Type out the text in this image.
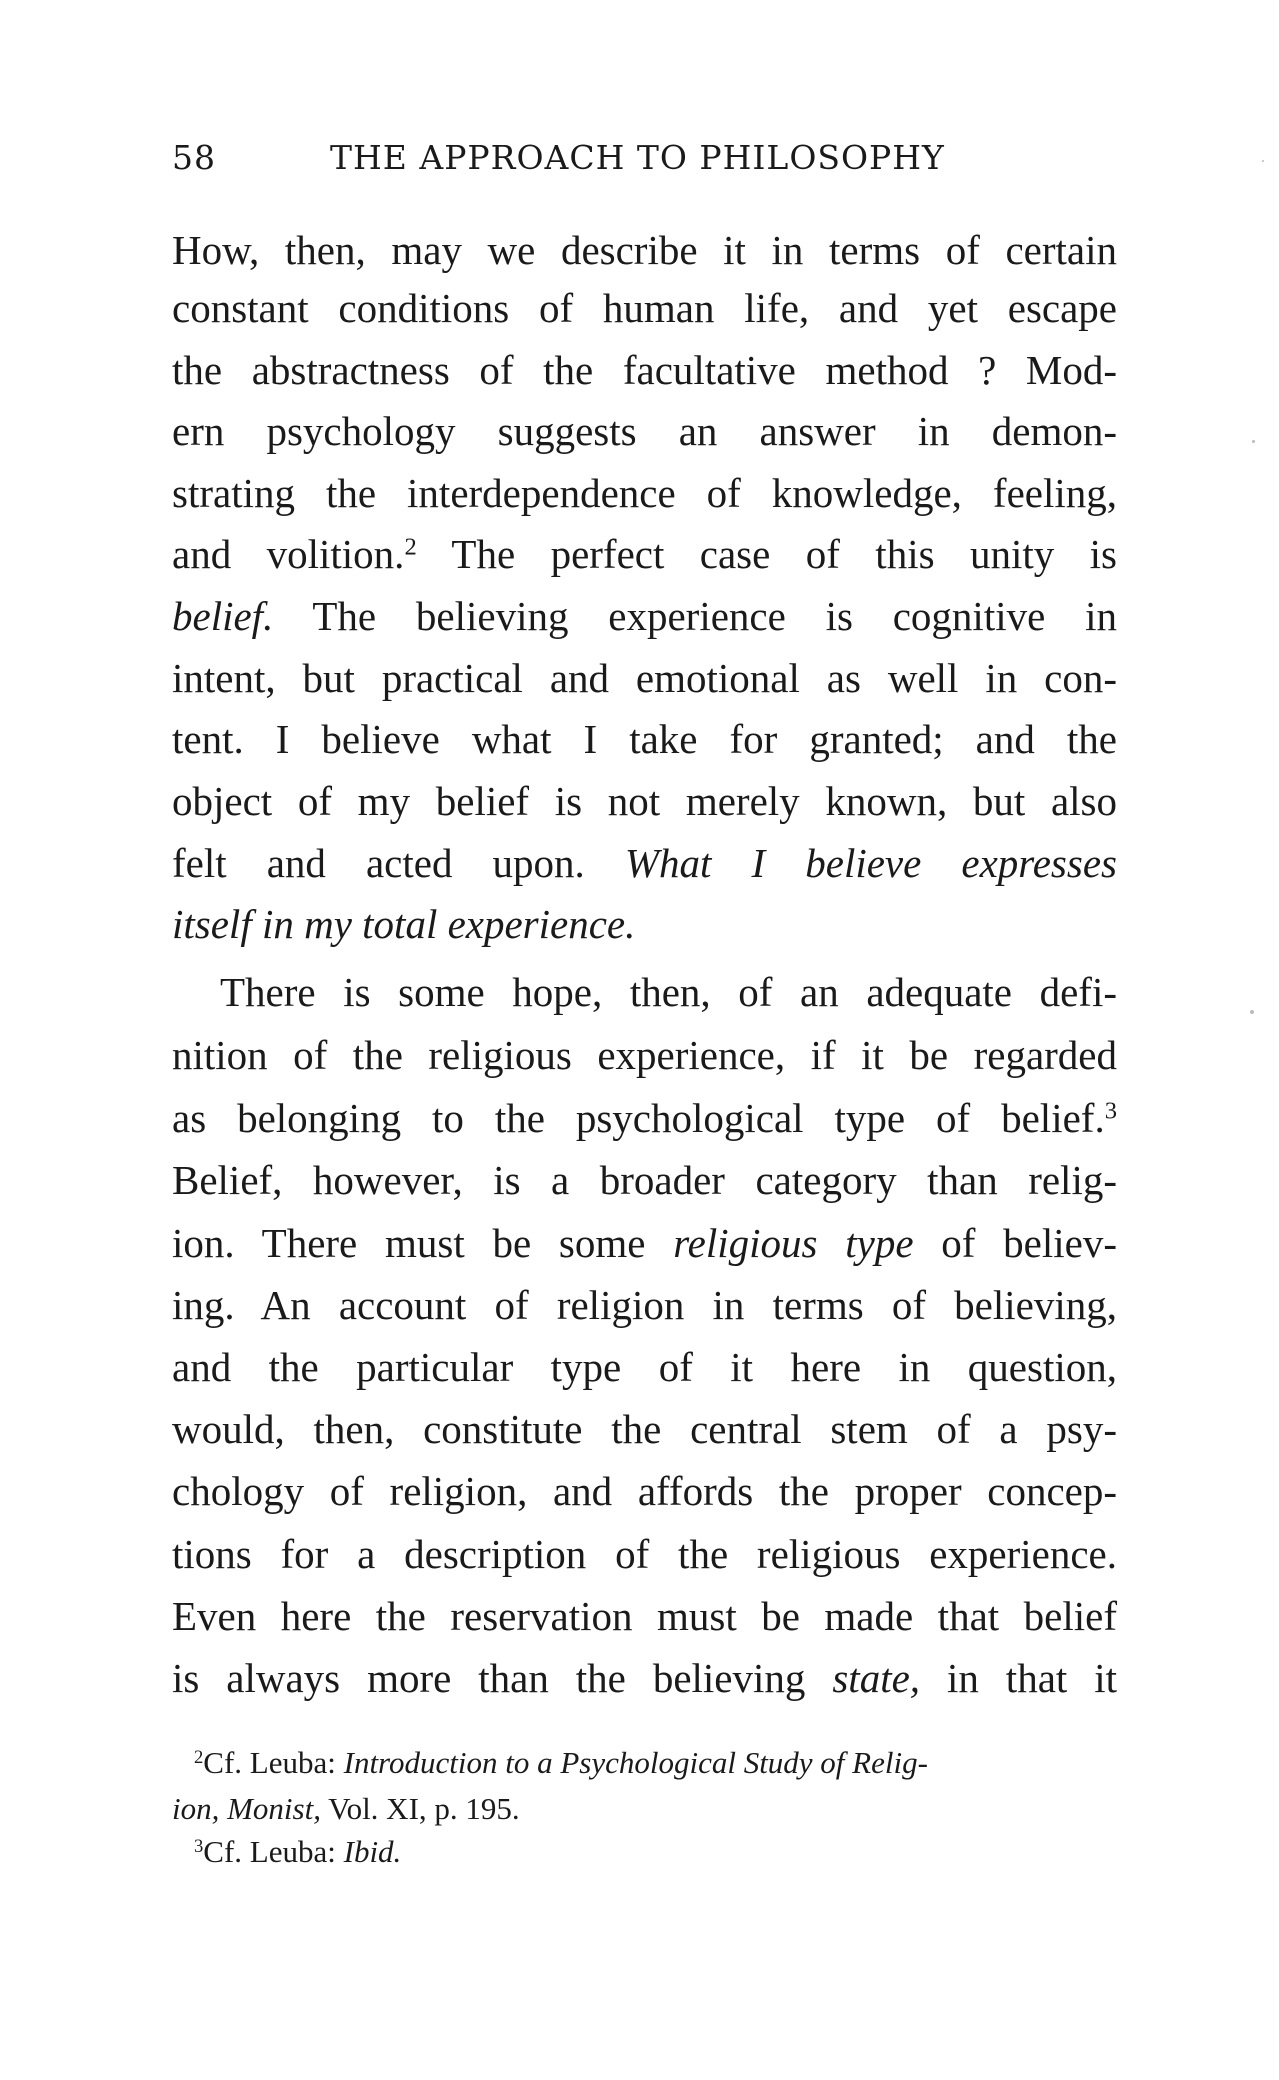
58	THE APPROACH TO PHILOSOPHY
How, then, may we describe it in terms of certain
constant conditions of human life, and yet escape
the abstractness of the facultative method ? Mod-
ern psychology suggests an answer in demon-
strating the interdependence of knowledge, feeling,
and volition.$^2$ The perfect case of this unity is
belief. The believing experience is cognitive in
intent, but practical and emotional as well in con-
tent. I believe what I take for granted; and the
object of my belief is not merely known, but also
felt and acted upon. What I believe expresses
itself in my total experience.
There is some hope, then, of an adequate defi-
nition of the religious experience, if it be regarded
as belonging to the psychological type of belief.$^3$
Belief, however, is a broader category than relig-
ion. There must be some religious type of believ-
ing. An account of religion in terms of believing,
and the particular type of it here in question,
would, then, constitute the central stem of a psy-
chology of religion, and affords the proper concep-
tions for a description of the religious experience.
Even here the reservation must be made that belief
is always more than the believing state, in that it
$^2$Cf. Leuba: Introduction to a Psychological Study of Relig-
ion, Monist, Vol. XI, p. 195.
$^3$Cf. Leuba: Ibid.
